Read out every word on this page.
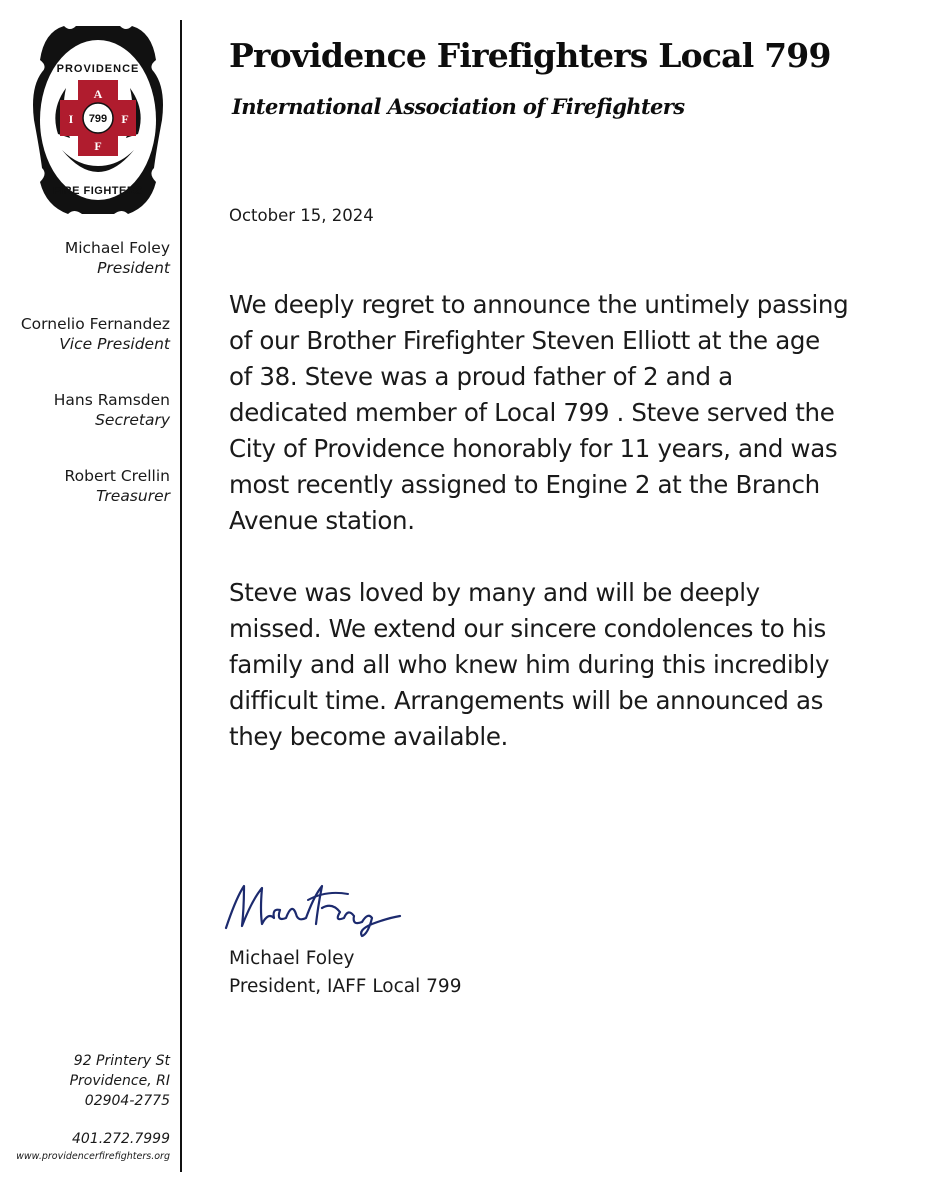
PROVIDENCE
A
I	F
F
799
FIRE FIGHTERS
Michael Foley
President
Cornelio Fernandez
Vice President
Hans Ramsden
Secretary
Robert Crellin
Treasurer
92 Printery St
Providence, RI
02904-2775
401.272.7999
www.providencerfirefighters.org
Providence Firefighters Local 799
International Association of Firefighters
October 15, 2024

We deeply regret to announce the untimely passing of our Brother Firefighter Steven Elliott at the age of 38. Steve was a proud father of 2 and a dedicated member of Local 799 . Steve served the City of Providence honorably for 11 years, and was most recently assigned to Engine 2 at the Branch Avenue station.

Steve was loved by many and will be deeply missed. We extend our sincere condolences to his family and all who knew him during this incredibly difficult time. Arrangements will be announced as they become available.

Michael Foley
President, IAFF Local 799
